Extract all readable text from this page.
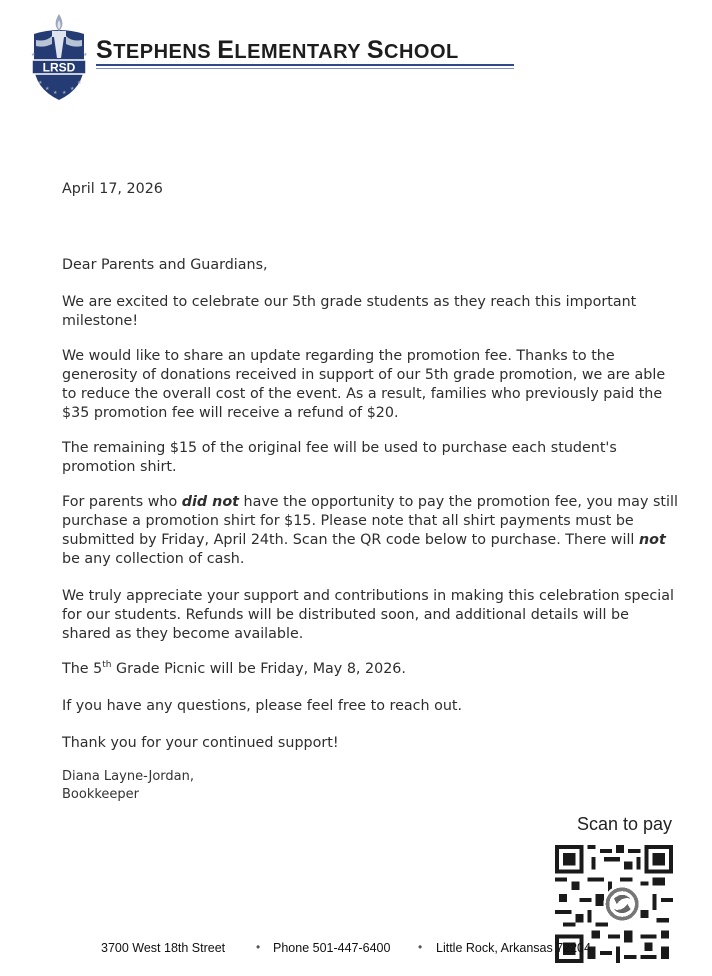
LRSD
★
★
★ ★
★
★
★	★ STEPHENS ELEMENTARY SCHOOL
April 17, 2026
Dear Parents and Guardians,
We are excited to celebrate our 5th grade students as they reach this important milestone!
We would like to share an update regarding the promotion fee. Thanks to the generosity of donations received in support of our 5th grade promotion, we are able to reduce the overall cost of the event. As a result, families who previously paid the $35 promotion fee will receive a refund of $20.
The remaining $15 of the original fee will be used to purchase each student's promotion shirt.
For parents who did not have the opportunity to pay the promotion fee, you may still purchase a promotion shirt for $15. Please note that all shirt payments must be submitted by Friday, April 24th. Scan the QR code below to purchase. There will not be any collection of cash.
We truly appreciate your support and contributions in making this celebration special for our students. Refunds will be distributed soon, and additional details will be shared as they become available.
The 5th Grade Picnic will be Friday, May 8, 2026.
If you have any questions, please feel free to reach out.
Thank you for your continued support!
Diana Layne-Jordan,
Bookkeeper
Scan to pay
3700 West 18th Street	• Phone 501-447-6400 • Little Rock, Arkansas 72204
